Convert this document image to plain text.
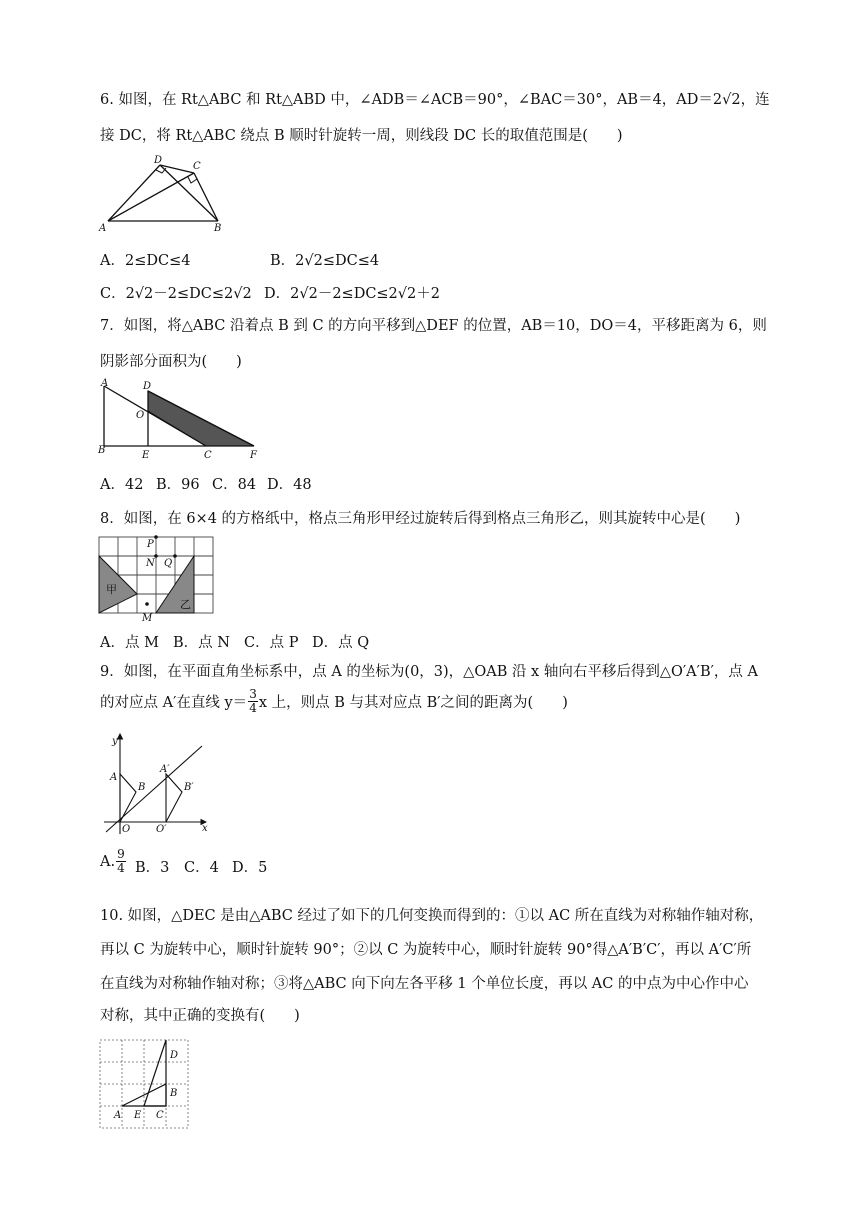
6. 如图，在 Rt△ABC 和 Rt△ABD 中，∠ADB＝∠ACB＝90°，∠BAC＝30°，AB＝4，AD＝2√2，连
接 DC，将 Rt△ABC 绕点 B 顺时针旋转一周，则线段 DC 长的取值范围是(　　)
D
C
A	B
A．2≤DC≤4	B．2√2≤DC≤4
C．2√2－2≤DC≤2√2 D．2√2－2≤DC≤2√2＋2
7．如图，将△ABC 沿着点 B 到 C 的方向平移到△DEF 的位置，AB＝10，DO＝4，平移距离为 6，则
阴影部分面积为(　　)
A	D
O
B	E	C	F
A．42 B．96 C．84 D．48
8．如图，在 6×4 的方格纸中，格点三角形甲经过旋转后得到格点三角形乙，则其旋转中心是(　　)
P
N Q
甲
乙
M
A．点 M B．点 N C．点 P D．点 Q
9．如图，在平面直角坐标系中，点 A 的坐标为(0，3)，△OAB 沿 x 轴向右平移后得到△O′A′B′，点 A
的对应点 A′在直线 $y= \frac{3}{4}$ x 上，则点 B 与其对应点 B′之间的距离为(　　)
y
A
B
A′
B′
O	O′	x
A. $\frac{9}{4}$ B．3 C．4 D．5
10. 如图，△DEC 是由△ABC 经过了如下的几何变换而得到的：①以 AC 所在直线为对称轴作轴对称，
再以 C 为旋转中心，顺时针旋转 90°；②以 C 为旋转中心，顺时针旋转 90°得△A′B′C′，再以 A′C′所
在直线为对称轴作轴对称；③将△ABC 向下向左各平移 1 个单位长度，再以 AC 的中点为中心作中心
对称，其中正确的变换有(　　)
D
B
A E C
